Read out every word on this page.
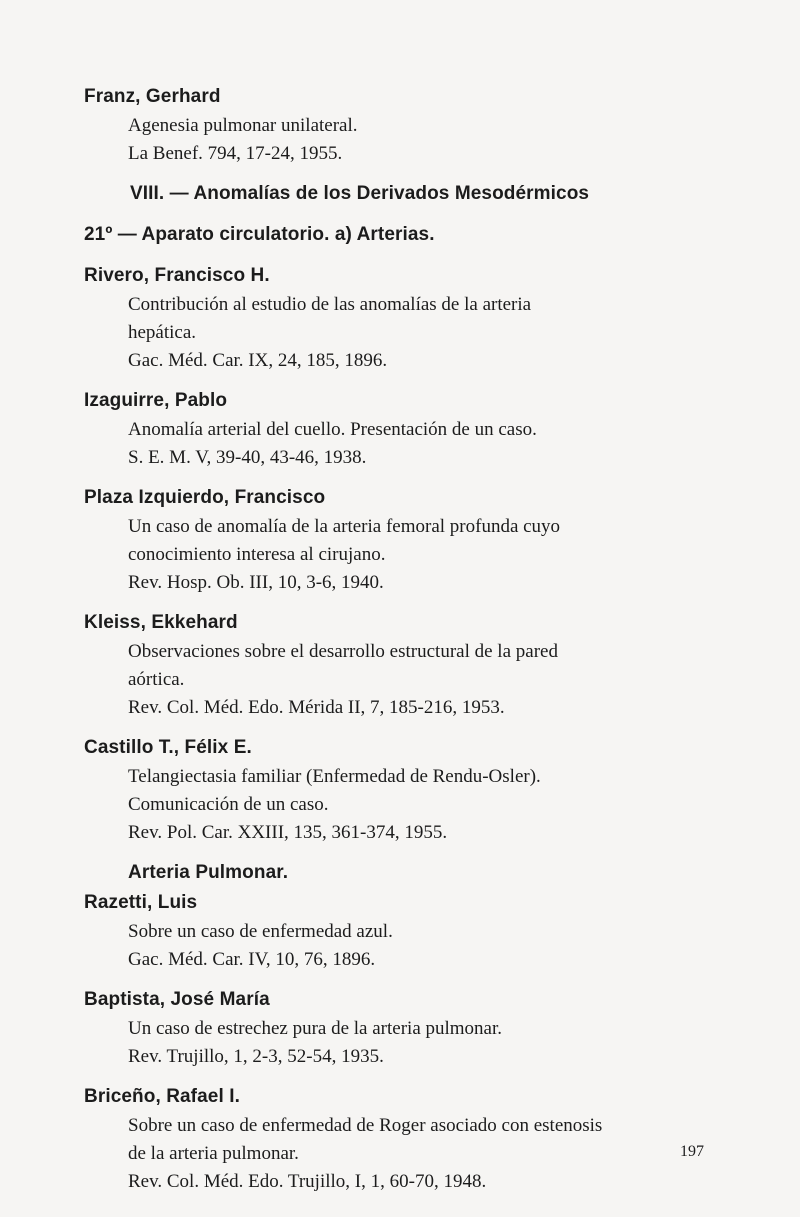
Franz, Gerhard
Agenesia pulmonar unilateral.
La Benef. 794, 17-24, 1955.
VIII. — Anomalías de los Derivados Mesodérmicos
21º — Aparato circulatorio. a) Arterias.
Rivero, Francisco H.
Contribución al estudio de las anomalías de la arteria
hepática.
Gac. Méd. Car. IX, 24, 185, 1896.
Izaguirre, Pablo
Anomalía arterial del cuello. Presentación de un caso.
S. E. M. V, 39-40, 43-46, 1938.
Plaza Izquierdo, Francisco
Un caso de anomalía de la arteria femoral profunda cuyo
conocimiento interesa al cirujano.
Rev. Hosp. Ob. III, 10, 3-6, 1940.
Kleiss, Ekkehard
Observaciones sobre el desarrollo estructural de la pared
aórtica.
Rev. Col. Méd. Edo. Mérida II, 7, 185-216, 1953.
Castillo T., Félix E.
Telangiectasia familiar (Enfermedad de Rendu-Osler).
Comunicación de un caso.
Rev. Pol. Car. XXIII, 135, 361-374, 1955.
Arteria Pulmonar.
Razetti, Luis
Sobre un caso de enfermedad azul.
Gac. Méd. Car. IV, 10, 76, 1896.
Baptista, José María
Un caso de estrechez pura de la arteria pulmonar.
Rev. Trujillo, 1, 2-3, 52-54, 1935.
Briceño, Rafael I.
Sobre un caso de enfermedad de Roger asociado con estenosis
de la arteria pulmonar.
Rev. Col. Méd. Edo. Trujillo, I, 1, 60-70, 1948.
197
